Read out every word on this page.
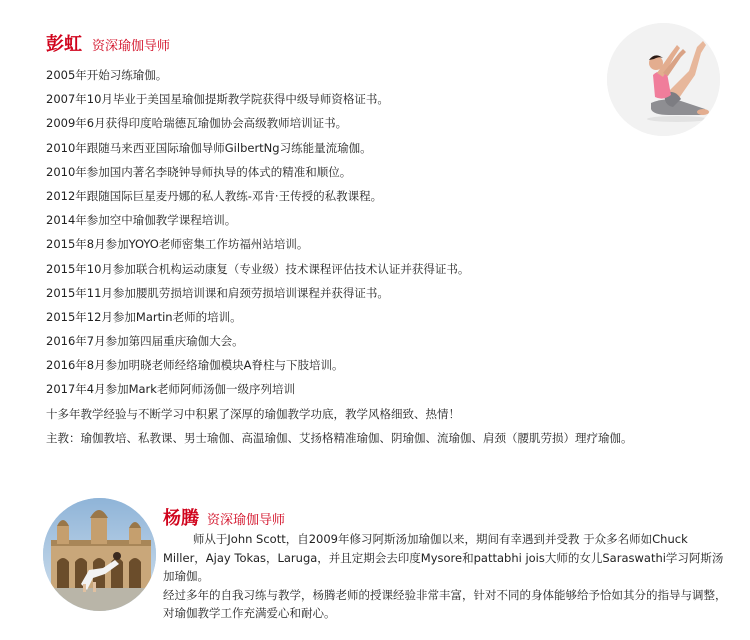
彭虹 资深瑜伽导师
2005年开始习练瑜伽。
2007年10月毕业于美国星瑜伽提斯教学院获得中级导师资格证书。
2009年6月获得印度哈瑞德瓦瑜伽协会高级教师培训证书。
2010年跟随马来西亚国际瑜伽导师GilbertNg习练能量流瑜伽。
2010年参加国内著名李晓钟导师执导的体式的精准和顺位。
2012年跟随国际巨星麦丹娜的私人教练-邓肯·王传授的私教课程。
2014年参加空中瑜伽教学课程培训。
2015年8月参加YOYO老师密集工作坊福州站培训。
2015年10月参加联合机构运动康复（专业级）技术课程评估技术认证并获得证书。
2015年11月参加腰肌劳损培训课和肩颈劳损培训课程并获得证书。
2015年12月参加Martin老师的培训。
2016年7月参加第四届重庆瑜伽大会。
2016年8月参加明晓老师经络瑜伽模块A脊柱与下肢培训。
2017年4月参加Mark老师阿师汤伽一级序列培训
十多年教学经验与不断学习中积累了深厚的瑜伽教学功底，教学风格细致、热情！
主教：瑜伽教培、私教课、男士瑜伽、高温瑜伽、艾扬格精准瑜伽、阴瑜伽、流瑜伽、肩颈（腰肌劳损）理疗瑜伽。
杨腾 资深瑜伽导师

师从于John Scott，自2009年修习阿斯汤加瑜伽以来，期间有幸遇到并受教 于众多名师如Chuck Miller，Ajay Tokas，Laruga，并且定期会去印度Mysore和pattabhi jois大师的女儿Saraswathi学习阿斯汤加瑜伽。

经过多年的自我习练与教学，杨腾老师的授课经验非常丰富，针对不同的身体能够给予恰如其分的指导与调整，对瑜伽教学工作充满爱心和耐心。
